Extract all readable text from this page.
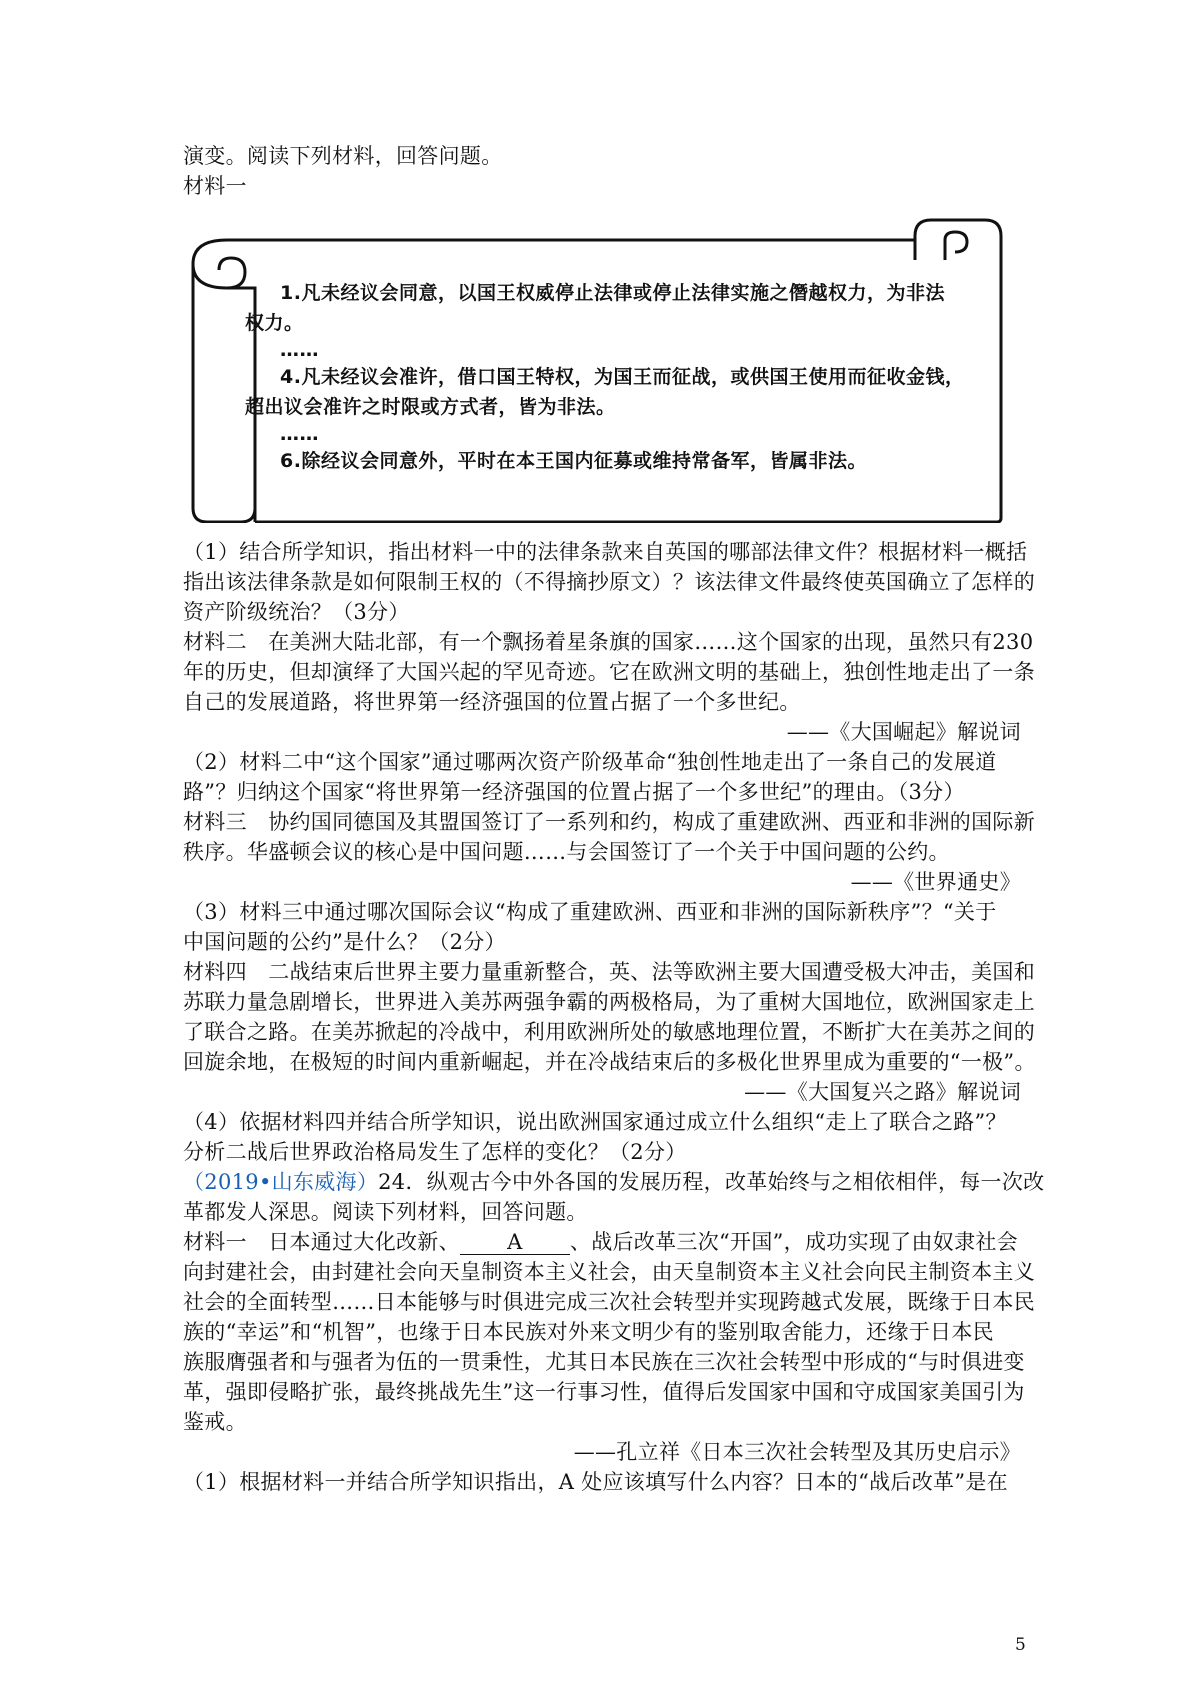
演变。阅读下列材料，回答问题。
材料一
1.凡未经议会同意，以国王权威停止法律或停止法律实施之僭越权力，为非法
权力。
……
4.凡未经议会准许，借口国王特权，为国王而征战，或供国王使用而征收金钱，
超出议会准许之时限或方式者，皆为非法。
……
6.除经议会同意外，平时在本王国内征募或维持常备军，皆属非法。
（1）结合所学知识，指出材料一中的法律条款来自英国的哪部法律文件？根据材料一概括
指出该法律条款是如何限制王权的（不得摘抄原文）？该法律文件最终使英国确立了怎样的
资产阶级统治？（3分）
材料二　在美洲大陆北部，有一个飘扬着星条旗的国家……这个国家的出现，虽然只有230
年的历史，但却演绎了大国兴起的罕见奇迹。它在欧洲文明的基础上，独创性地走出了一条
自己的发展道路，将世界第一经济强国的位置占据了一个多世纪。
——《大国崛起》解说词
（2）材料二中“这个国家”通过哪两次资产阶级革命“独创性地走出了一条自己的发展道
路”？归纳这个国家“将世界第一经济强国的位置占据了一个多世纪”的理由。（3分）
材料三　协约国同德国及其盟国签订了一系列和约，构成了重建欧洲、西亚和非洲的国际新
秩序。华盛顿会议的核心是中国问题……与会国签订了一个关于中国问题的公约。
——《世界通史》
（3）材料三中通过哪次国际会议“构成了重建欧洲、西亚和非洲的国际新秩序”？“关于
中国问题的公约”是什么？（2分）
材料四　二战结束后世界主要力量重新整合，英、法等欧洲主要大国遭受极大冲击，美国和
苏联力量急剧增长，世界进入美苏两强争霸的两极格局，为了重树大国地位，欧洲国家走上
了联合之路。在美苏掀起的冷战中，利用欧洲所处的敏感地理位置，不断扩大在美苏之间的
回旋余地，在极短的时间内重新崛起，并在冷战结束后的多极化世界里成为重要的“一极”。
——《大国复兴之路》解说词
（4）依据材料四并结合所学知识，说出欧洲国家通过成立什么组织“走上了联合之路”？
分析二战后世界政治格局发生了怎样的变化？（2分）
（2019•山东威海）24．纵观古今中外各国的发展历程，改革始终与之相依相伴，每一次改
革都发人深思。阅读下列材料，回答问题。
材料一　日本通过大化改新、 A 、战后改革三次“开国”，成功实现了由奴隶社会
向封建社会，由封建社会向天皇制资本主义社会，由天皇制资本主义社会向民主制资本主义
社会的全面转型……日本能够与时俱进完成三次社会转型并实现跨越式发展，既缘于日本民
族的“幸运”和“机智”，也缘于日本民族对外来文明少有的鉴别取舍能力，还缘于日本民
族服膺强者和与强者为伍的一贯秉性，尤其日本民族在三次社会转型中形成的“与时俱进变
革，强即侵略扩张，最终挑战先生”这一行事习性，值得后发国家中国和守成国家美国引为
鉴戒。
——孔立祥《日本三次社会转型及其历史启示》
（1）根据材料一并结合所学知识指出，A 处应该填写什么内容？日本的“战后改革”是在
5
